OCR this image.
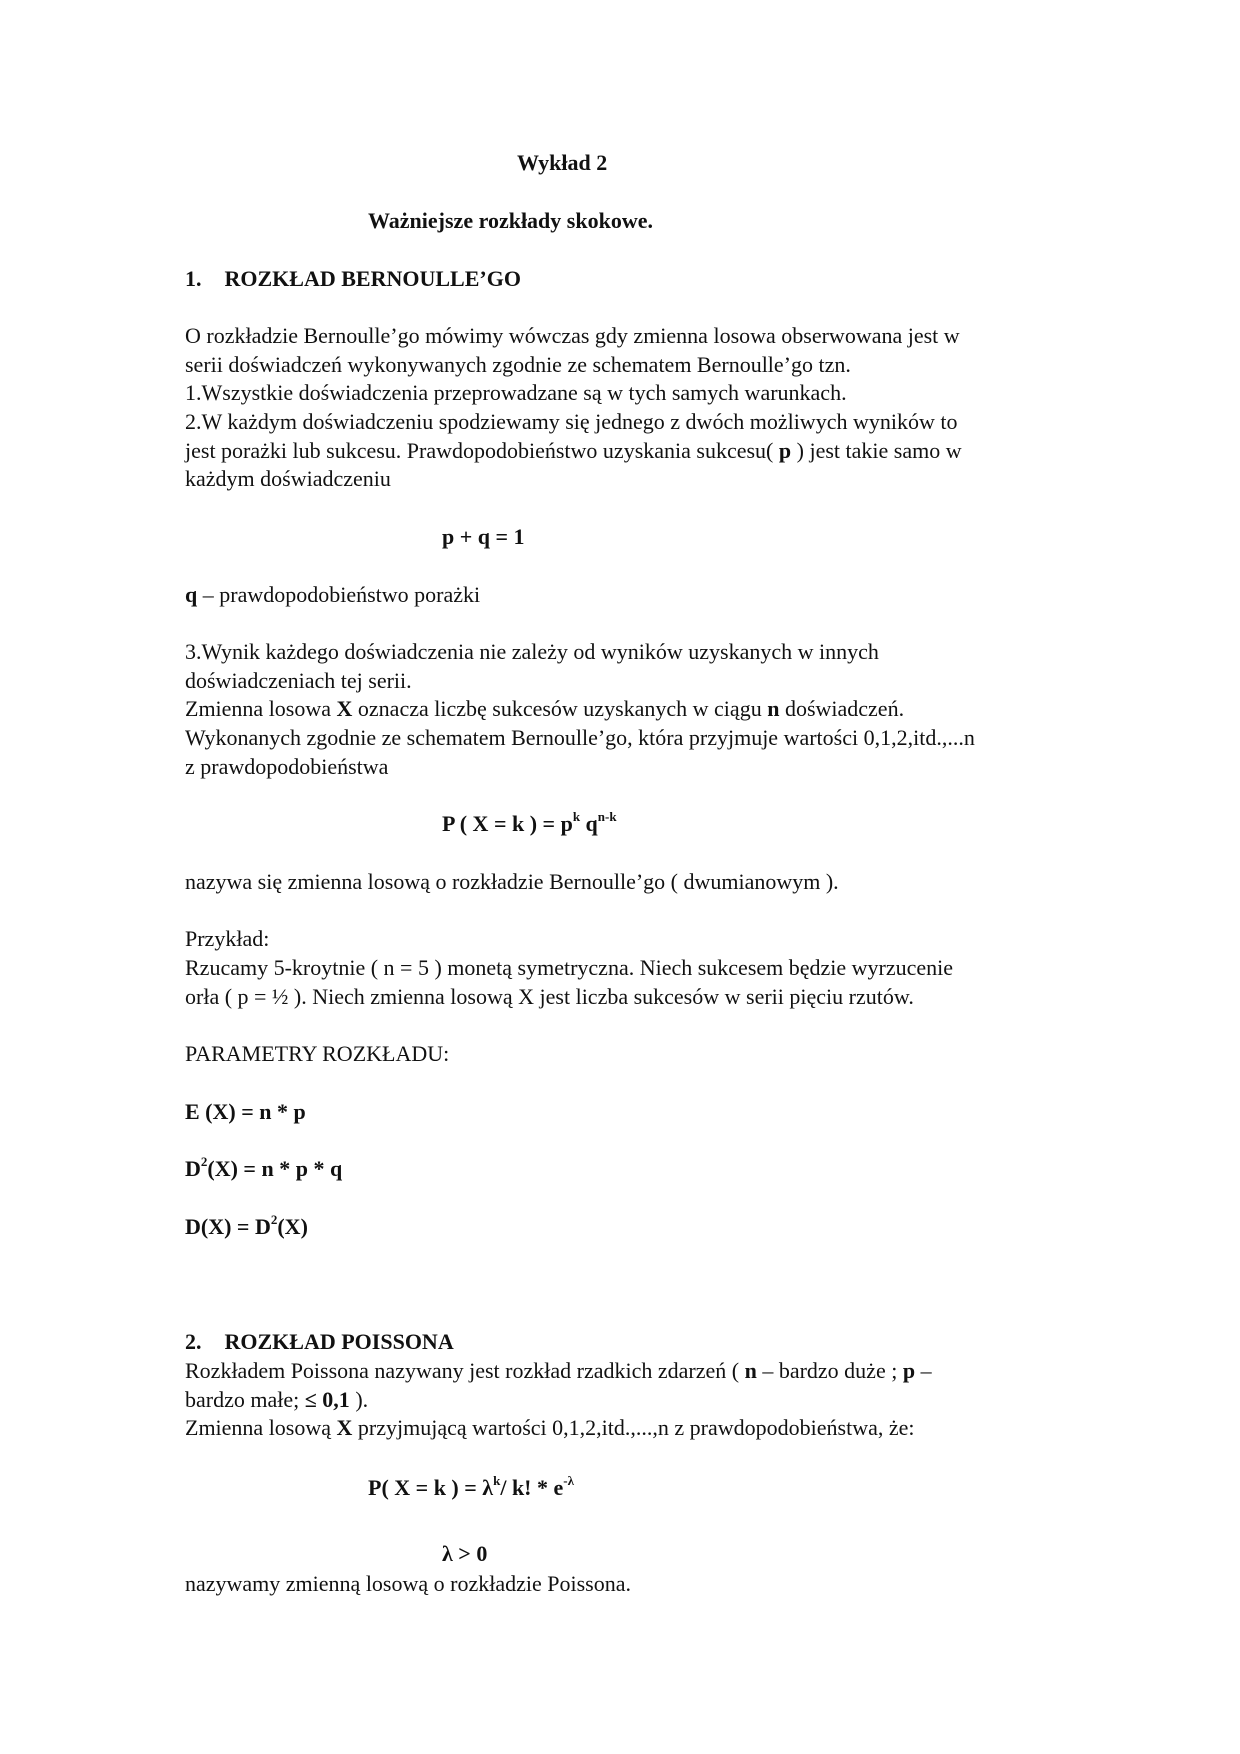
Wykład 2
Ważniejsze rozkłady skokowe.
1. ROZKŁAD BERNOULLE’GO
O rozkładzie Bernoulle’go mówimy wówczas gdy zmienna losowa obserwowana jest w
serii doświadczeń wykonywanych zgodnie ze schematem Bernoulle’go tzn.
1.Wszystkie doświadczenia przeprowadzane są w tych samych warunkach.
2.W każdym doświadczeniu spodziewamy się jednego z dwóch możliwych wyników to
jest porażki lub sukcesu. Prawdopodobieństwo uzyskania sukcesu( p ) jest takie samo w
każdym doświadczeniu
p + q = 1
q – prawdopodobieństwo porażki
3.Wynik każdego doświadczenia nie zależy od wyników uzyskanych w innych
doświadczeniach tej serii.
Zmienna losowa X oznacza liczbę sukcesów uzyskanych w ciągu n doświadczeń.
Wykonanych zgodnie ze schematem Bernoulle’go, która przyjmuje wartości 0,1,2,itd.,...n
z prawdopodobieństwa
P ( X = k ) = $p^k$ $q^{n-k}$
nazywa się zmienna losową o rozkładzie Bernoulle’go ( dwumianowym ).
Przykład:
Rzucamy 5-kroytnie ( n = 5 ) monetą symetryczna. Niech sukcesem będzie wyrzucenie
orła ( p = ½ ). Niech zmienna losową X jest liczba sukcesów w serii pięciu rzutów.
PARAMETRY ROZKŁADU:
E (X) = n * p
$D^2(X) = n * p * q$
$D(X) = D^2(X)$
2. ROZKŁAD POISSONA
Rozkładem Poissona nazywany jest rozkład rzadkich zdarzeń ( n – bardzo duże ; p –
bardzo małe; ≤ 0,1 ).
Zmienna losową X przyjmującą wartości 0,1,2,itd.,...,n z prawdopodobieństwa, że:
P( X = k ) = $\lambda^k/$ k! * $e^{-\lambda}$
λ > 0
nazywamy zmienną losową o rozkładzie Poissona.
